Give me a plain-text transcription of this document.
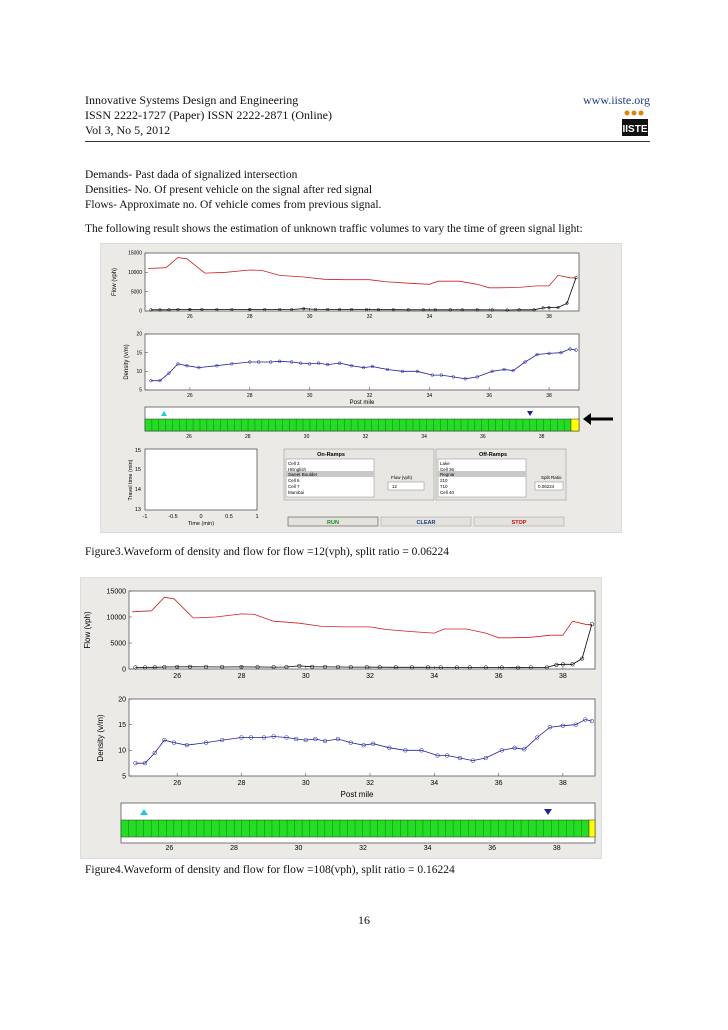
Innovative Systems Design and Engineering
ISSN 2222-1727 (Paper) ISSN 2222-2871 (Online)
Vol 3, No 5, 2012
www.iiste.org
IISTE
Demands- Past dada of signalized intersection
Densities- No. Of present vehicle on the signal after red signal
Flows- Approximate no. Of vehicle comes from previous signal.
The following result shows the estimation of unknown traffic volumes to vary the time of green signal light:
0
5000
10000
15000
26	28	30	32	34	36	38
Flow (vph)
5
10
15
20
26	28	30	32	34	36	38
Density (v/m)
Post mile
26	28	30	32	34	36	38
Travel time (min)
15
15
14
13
-1	-0.5	0	0.5	1
Time (min)
On-Ramps
Cell 3
HEnglish
Sweet Boulder
Cell 6
Cell 7
Mumbai
Flow (vph)
12
Off-Ramps
Lake
Cell 36
Regnar
210
710
Cell 40
Split Ratio
0.06224
RUN	CLEAR	STOP
Figure3.Waveform of density and flow for flow =12(vph), split ratio = 0.06224
0
5000
10000
15000
26	28	30	32	34	36	38
Flow (vph)
5
10
15
20
26	28	30	32	34	36	38
Density (v/m)
Post mile
26	28	30	32	34	36	38
Figure4.Waveform of density and flow for flow =108(vph), split ratio = 0.16224
16
